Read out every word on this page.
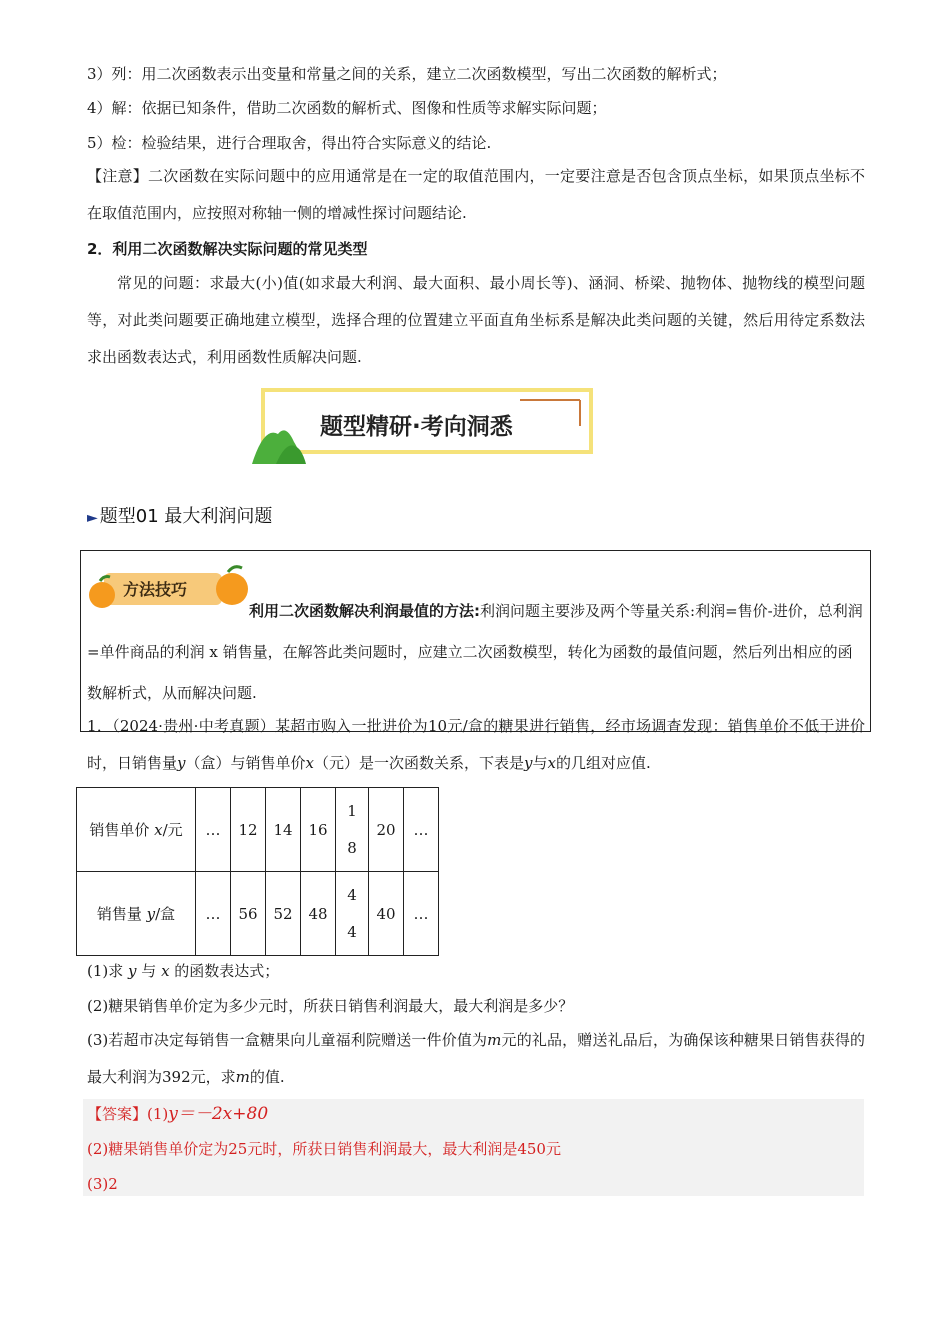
3）列：用二次函数表示出变量和常量之间的关系，建立二次函数模型，写出二次函数的解析式；
4）解：依据已知条件，借助二次函数的解析式、图像和性质等求解实际问题；
5）检：检验结果，进行合理取舍，得出符合实际意义的结论.
【注意】二次函数在实际问题中的应用通常是在一定的取值范围内，一定要注意是否包含顶点坐标，如果顶点坐标不在取值范围内，应按照对称轴一侧的增减性探讨问题结论.
2．利用二次函数解决实际问题的常见类型
常见的问题：求最大(小)值(如求最大利润、最大面积、最小周长等)、涵洞、桥梁、抛物体、抛物线的模型问题等，对此类问题要正确地建立模型，选择合理的位置建立平面直角坐标系是解决此类问题的关键，然后用待定系数法求出函数表达式，利用函数性质解决问题.
题型精研·考向洞悉
► 题型01 最大利润问题
方法技巧
利用二次函数解决利润最值的方法:利润问题主要涉及两个等量关系:利润=售价-进价，总利润=单件商品的利润 x 销售量，在解答此类问题时，应建立二次函数模型，转化为函数的最值问题，然后列出相应的函数解析式，从而解决问题.
1．（2024·贵州·中考真题）某超市购入一批进价为10元/盒的糖果进行销售，经市场调查发现：销售单价不低于进价时，日销售量y（盒）与销售单价x（元）是一次函数关系，下表是y与x的几组对应值.
销售单价 x/元	…	12	14	16	18	20	…
销售量 y/盒	…	56	52	48	44	40	…
(1)求 y 与 x 的函数表达式；
(2)糖果销售单价定为多少元时，所获日销售利润最大，最大利润是多少？
(3)若超市决定每销售一盒糖果向儿童福利院赠送一件价值为m元的礼品，赠送礼品后，为确保该种糖果日销售获得的最大利润为392元，求m的值.
【答案】(1)y＝－2x+80
(2)糖果销售单价定为25元时，所获日销售利润最大，最大利润是450元
(3)2
